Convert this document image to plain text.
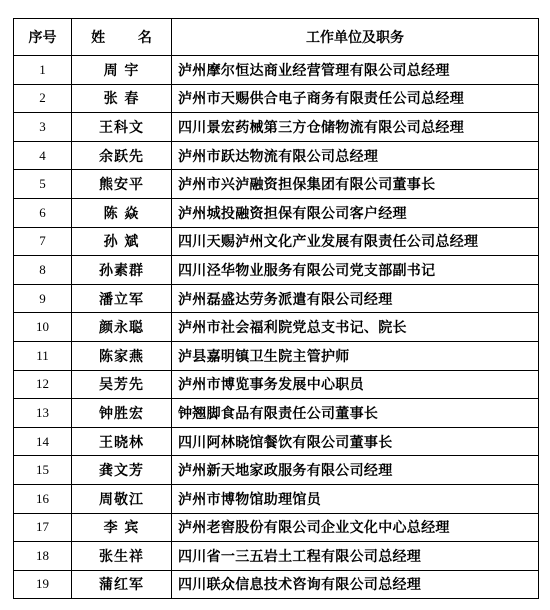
序号	姓 名	工作单位及职务
1	周 宇	泸州摩尔恒达商业经营管理有限公司总经理
2	张 春	泸州市天赐供合电子商务有限责任公司总经理
3	王科文	四川景宏药械第三方仓储物流有限公司总经理
4	余跃先	泸州市跃达物流有限公司总经理
5	熊安平	泸州市兴泸融资担保集团有限公司董事长
6	陈 焱	泸州城投融资担保有限公司客户经理
7	孙 斌	四川天赐泸州文化产业发展有限责任公司总经理
8	孙素群	四川泾华物业服务有限公司党支部副书记
9	潘立军	泸州磊盛达劳务派遣有限公司经理
10	颜永聪	泸州市社会福利院党总支书记、院长
11	陈家燕	泸县嘉明镇卫生院主管护师
12	吴芳先	泸州市博览事务发展中心职员
13	钟胜宏	钟翘脚食品有限责任公司董事长
14	王晓林	四川阿林晓馆餐饮有限公司董事长
15	龚文芳	泸州新天地家政服务有限公司经理
16	周敬江	泸州市博物馆助理馆员
17	李 宾	泸州老窖股份有限公司企业文化中心总经理
18	张生祥	四川省一三五岩土工程有限公司总经理
19	蒲红军	四川联众信息技术咨询有限公司总经理
